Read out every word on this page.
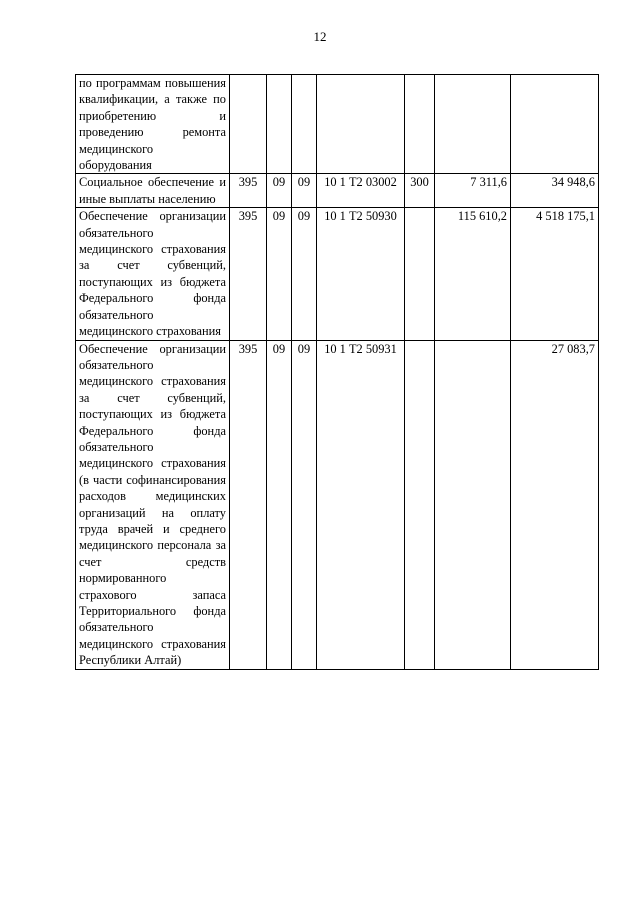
12
по программам повышения квалификации, а также по приобретению и проведению ремонта медицинского оборудования							
Социальное обеспечение и иные выплаты населению	395	09	09	10 1 Т2 03002	300	7 311,6	34 948,6
Обеспечение организации обязательного медицинского страхования за счет субвенций, поступающих из бюджета Федерального фонда обязательного медицинского страхования	395	09	09	10 1 Т2 50930		115 610,2	4 518 175,1
Обеспечение организации обязательного медицинского страхования за счет субвенций, поступающих из бюджета Федерального фонда обязательного медицинского страхования (в части софинансирования расходов медицинских организаций на оплату труда врачей и среднего медицинского персонала за счет средств нормированного страхового запаса Территориального фонда обязательного медицинского страхования Республики Алтай)	395	09	09	10 1 Т2 50931			27 083,7
